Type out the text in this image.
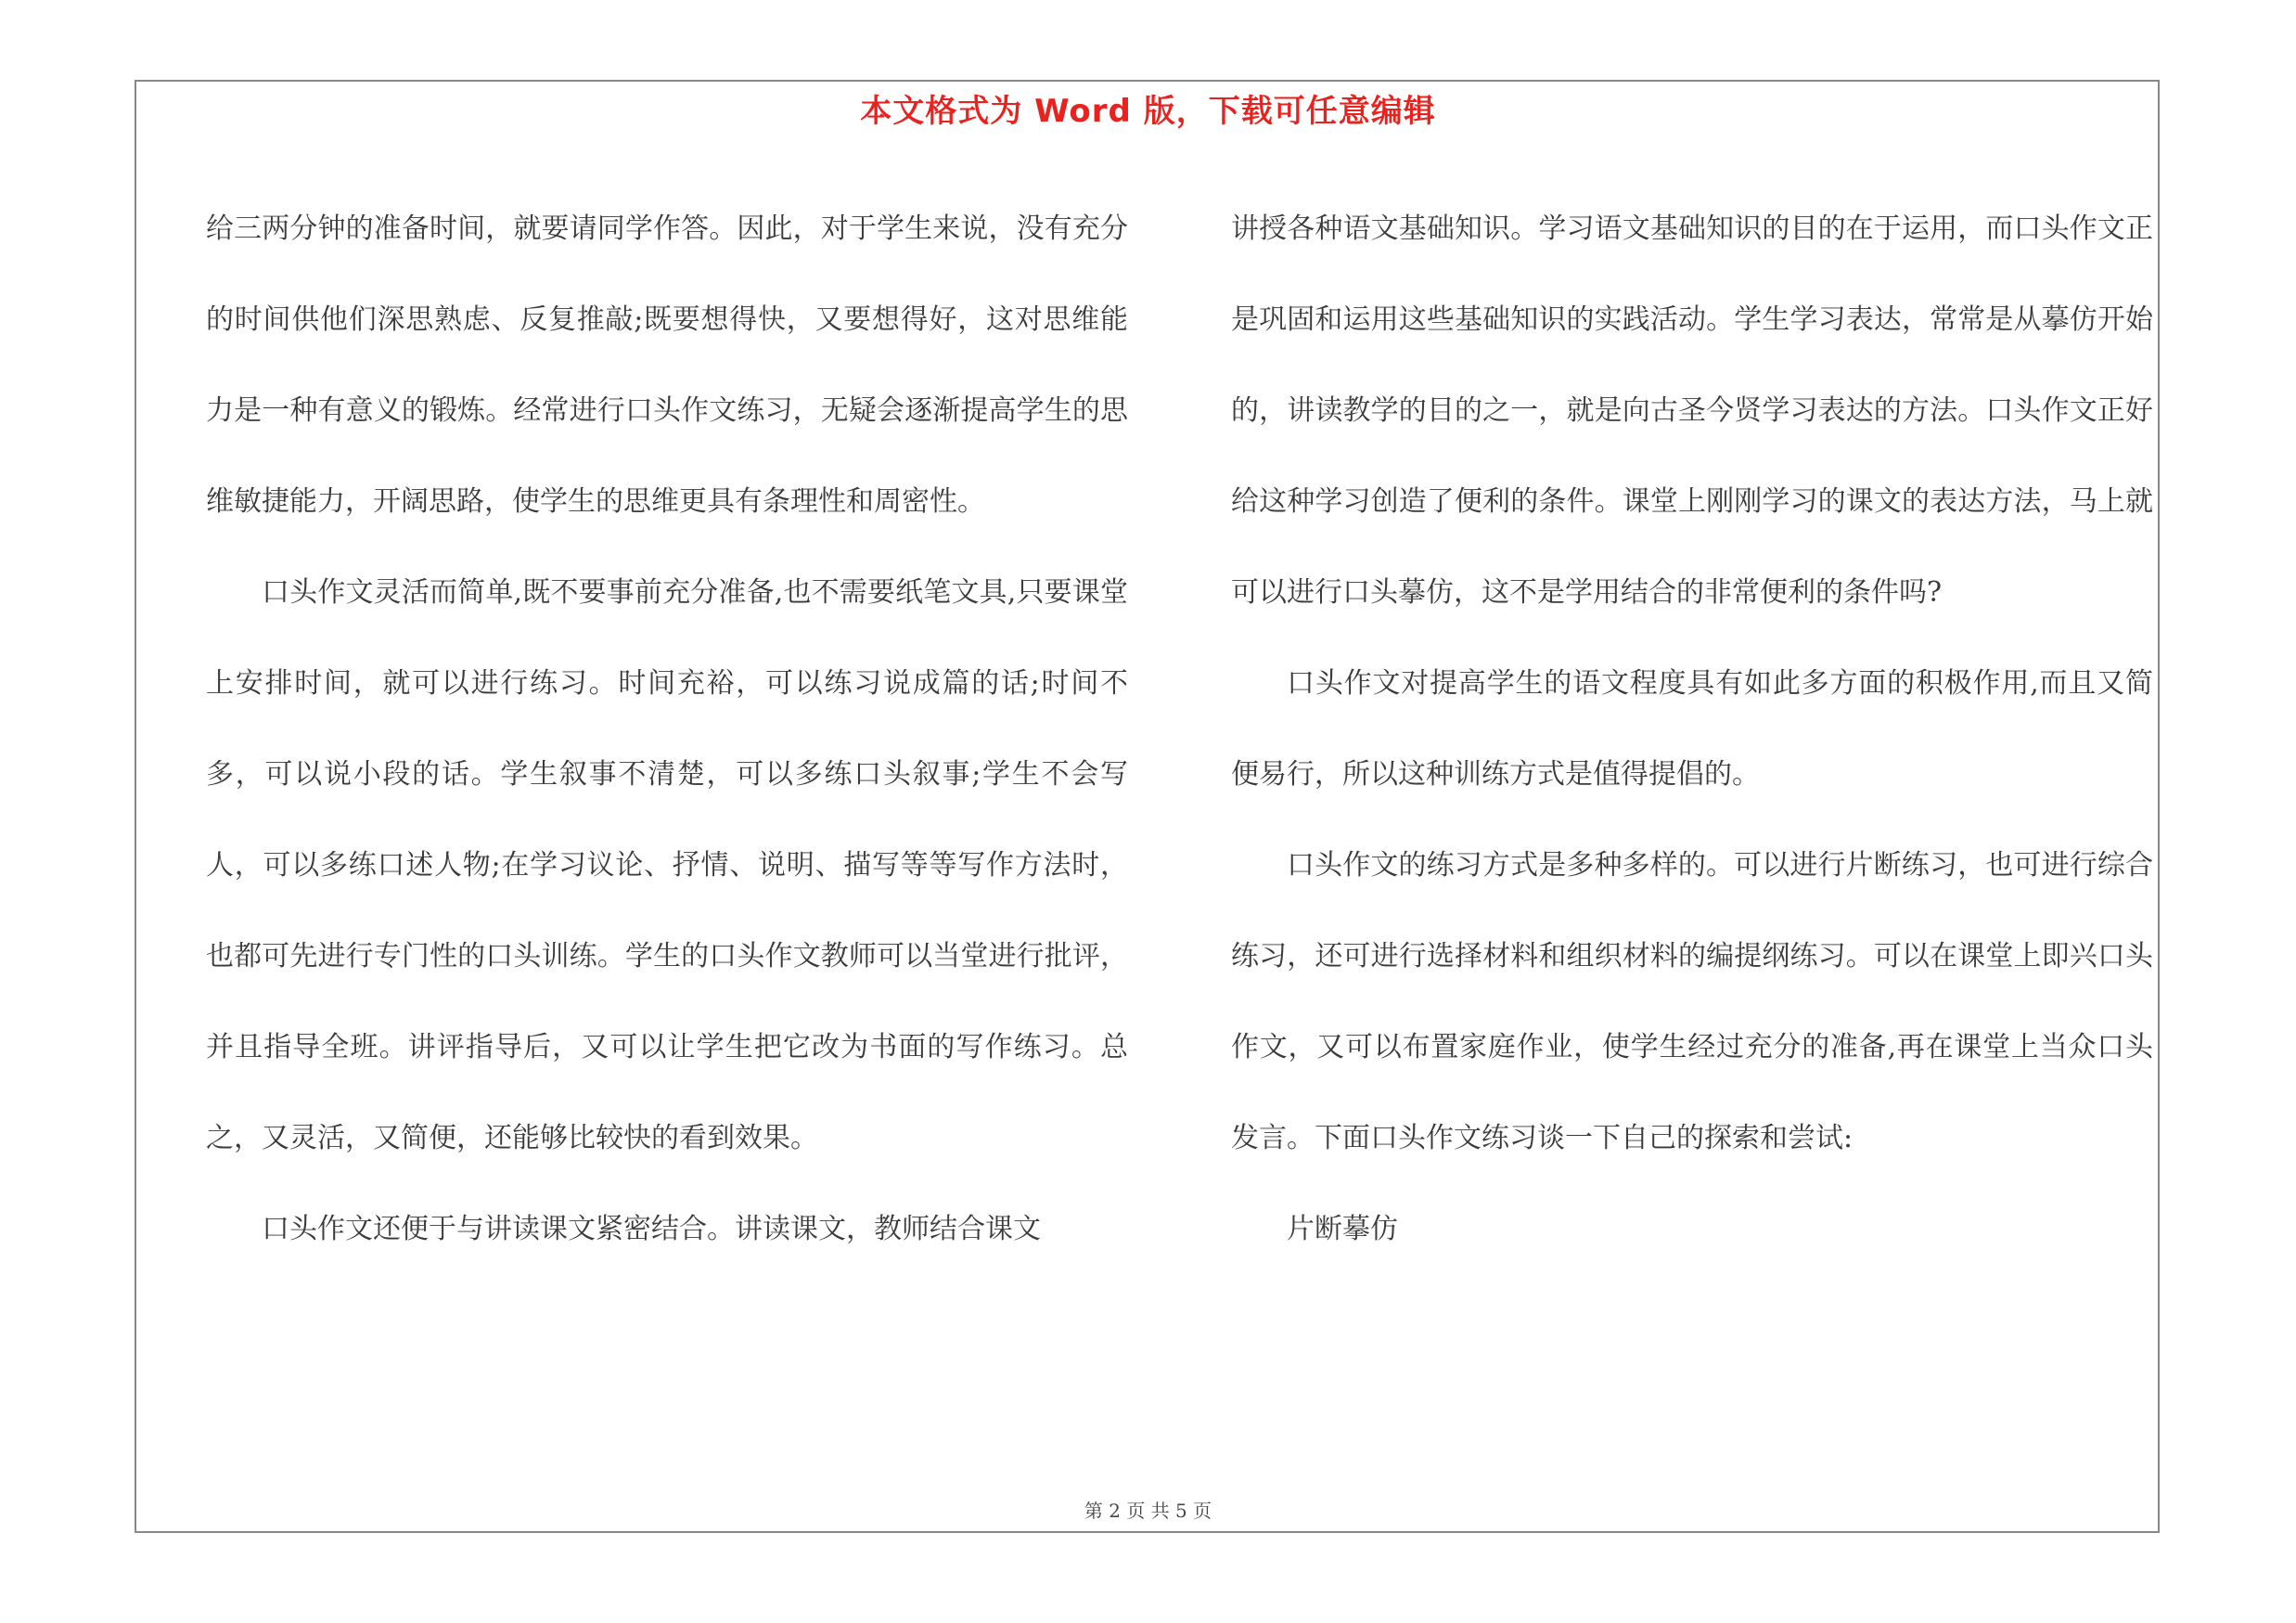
本文格式为 Word 版，下载可任意编辑

给三两分钟的准备时间，就要请同学作答。因此，对于学生来说，没有充分的时间供他们深思熟虑、反复推敲;既要想得快，又要想得好，这对思维能力是一种有意义的锻炼。经常进行口头作文练习，无疑会逐渐提高学生的思维敏捷能力，开阔思路，使学生的思维更具有条理性和周密性。

口头作文灵活而简单,既不要事前充分准备,也不需要纸笔文具,只要课堂上安排时间，就可以进行练习。时间充裕，可以练习说成篇的话;时间不多，可以说小段的话。学生叙事不清楚，可以多练口头叙事;学生不会写人，可以多练口述人物;在学习议论、抒情、说明、描写等等写作方法时，也都可先进行专门性的口头训练。学生的口头作文教师可以当堂进行批评，并且指导全班。讲评指导后，又可以让学生把它改为书面的写作练习。总之，又灵活，又简便，还能够比较快的看到效果。

口头作文还便于与讲读课文紧密结合。讲读课文，教师结合课文

讲授各种语文基础知识。学习语文基础知识的目的在于运用，而口头作文正是巩固和运用这些基础知识的实践活动。学生学习表达，常常是从摹仿开始的，讲读教学的目的之一，就是向古圣今贤学习表达的方法。口头作文正好给这种学习创造了便利的条件。课堂上刚刚学习的课文的表达方法，马上就可以进行口头摹仿，这不是学用结合的非常便利的条件吗?

口头作文对提高学生的语文程度具有如此多方面的积极作用,而且又简便易行，所以这种训练方式是值得提倡的。

口头作文的练习方式是多种多样的。可以进行片断练习，也可进行综合练习，还可进行选择材料和组织材料的编提纲练习。可以在课堂上即兴口头作文，又可以布置家庭作业，使学生经过充分的准备,再在课堂上当众口头发言。下面口头作文练习谈一下自己的探索和尝试:

片断摹仿

第 2 页 共 5 页
